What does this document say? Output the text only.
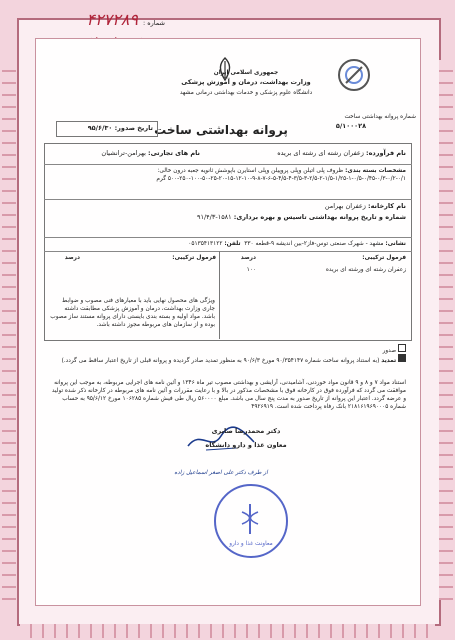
شماره : ۴۲۷۲۸۹
جمهوری اسلامی ایران
وزارت بهداشت، درمان و آموزش پزشکی
دانشگاه علوم پزشکی و خدمات بهداشتی درمانی مشهد
شماره پروانه بهداشتی ساخت
۵/۱۰۰۰۲۸
پروانه بهداشتی ساخت
تاریخ صدور: ۹۵/۶/۳۰
نام فرآورده: زعفران رشته ای رشته ای بریده
نام های تجارتی: بهرامن-ترانشیان
مشخصات بسته بندی: ظروف پلی اتیلن وپلی پروپیلن وپلی استایرن باپوشش ثانویه جعبه درون خالی: ۰/۱-۰/۲-۰/۳-۰/۴۵-۰/۵-۱-۱/۲۵-۱/۵-۲-۲/۵-۳-۳/۵-۴-۴/۵-۵-۶-۷-۸-۹-۱۰-۱۲-۱۵-۲۰-۲۵-۵۰-۱۰۰-۲۵۰-۵۰۰ گرم
نام کارخانه: زعفران بهرامن
شماره و تاریخ پروانه بهداشتی تاسیس و بهره برداری: ۱۵۸۱-۹۱/۴/۳
نشانی: مشهد - شهرک صنعتی توس-فاز۲-بین اندیشه ۹-قطعه ۳۳۰  تلفن: ۰۵۱۳۵۴۱۳۱۲۲
فرمول ترکیبی:
درصد
زعفران رشته ای ورشته ای بریده
۱۰۰
فرمول ترکیبی:
درصد
ویژگی های محصول نهایی باید با معیارهای فنی مصوب و ضوابط جاری وزارت بهداشت، درمان و آموزش پزشکی مطابقت داشته باشد. مواد اولیه و بسته بندی بایستی دارای پروانه مستند ساز مصوب بوده و از سازمان های مربوطه مجوز داشته باشد.
صدور
تمدید (به استناد پروانه ساخت شماره ۹۰/۳۵۴۱۴۷ مورخ ۹۰/۶/۳ به منظور تمدید صادر گردیده و پروانه قبلی از تاریخ اعتبار ساقط می گردد.)
استناد مواد ۷ و ۸ و ۹ قانون مواد خوردنی، آشامیدنی، آرایشی و بهداشتی مصوب تیر ماه ۱۳۴۶ و آئین نامه های اجرایی مربوطه، به موجب این پروانه موافقت می گردد که فرآورده فوق در کارخانه فوق با مشخصات مذکور در بالا و با رعایت مقررات و آئین نامه های مربوطه در کارخانه ذکر شده تولید و عرضه گردد. اعتبار این پروانه از تاریخ صدور به مدت پنج سال می باشد. مبلغ ۵۶۰۰۰۰ ریال طی فیش شماره ۱۰۶۲۸۵ مورخ ۹۵/۶/۱۲ به حساب شماره ۲۱۸۱۶۱۹۶۹۰۰۰۵ بانک رفاه پرداخت شده است. ۴۹۲۶۹۱۹
دکتر محمدرضا صابری
معاون غذا و دارو دانشگاه
از طرف دکتر علی اصغر اسماعیل زاده
معاونت غذا و دارو
